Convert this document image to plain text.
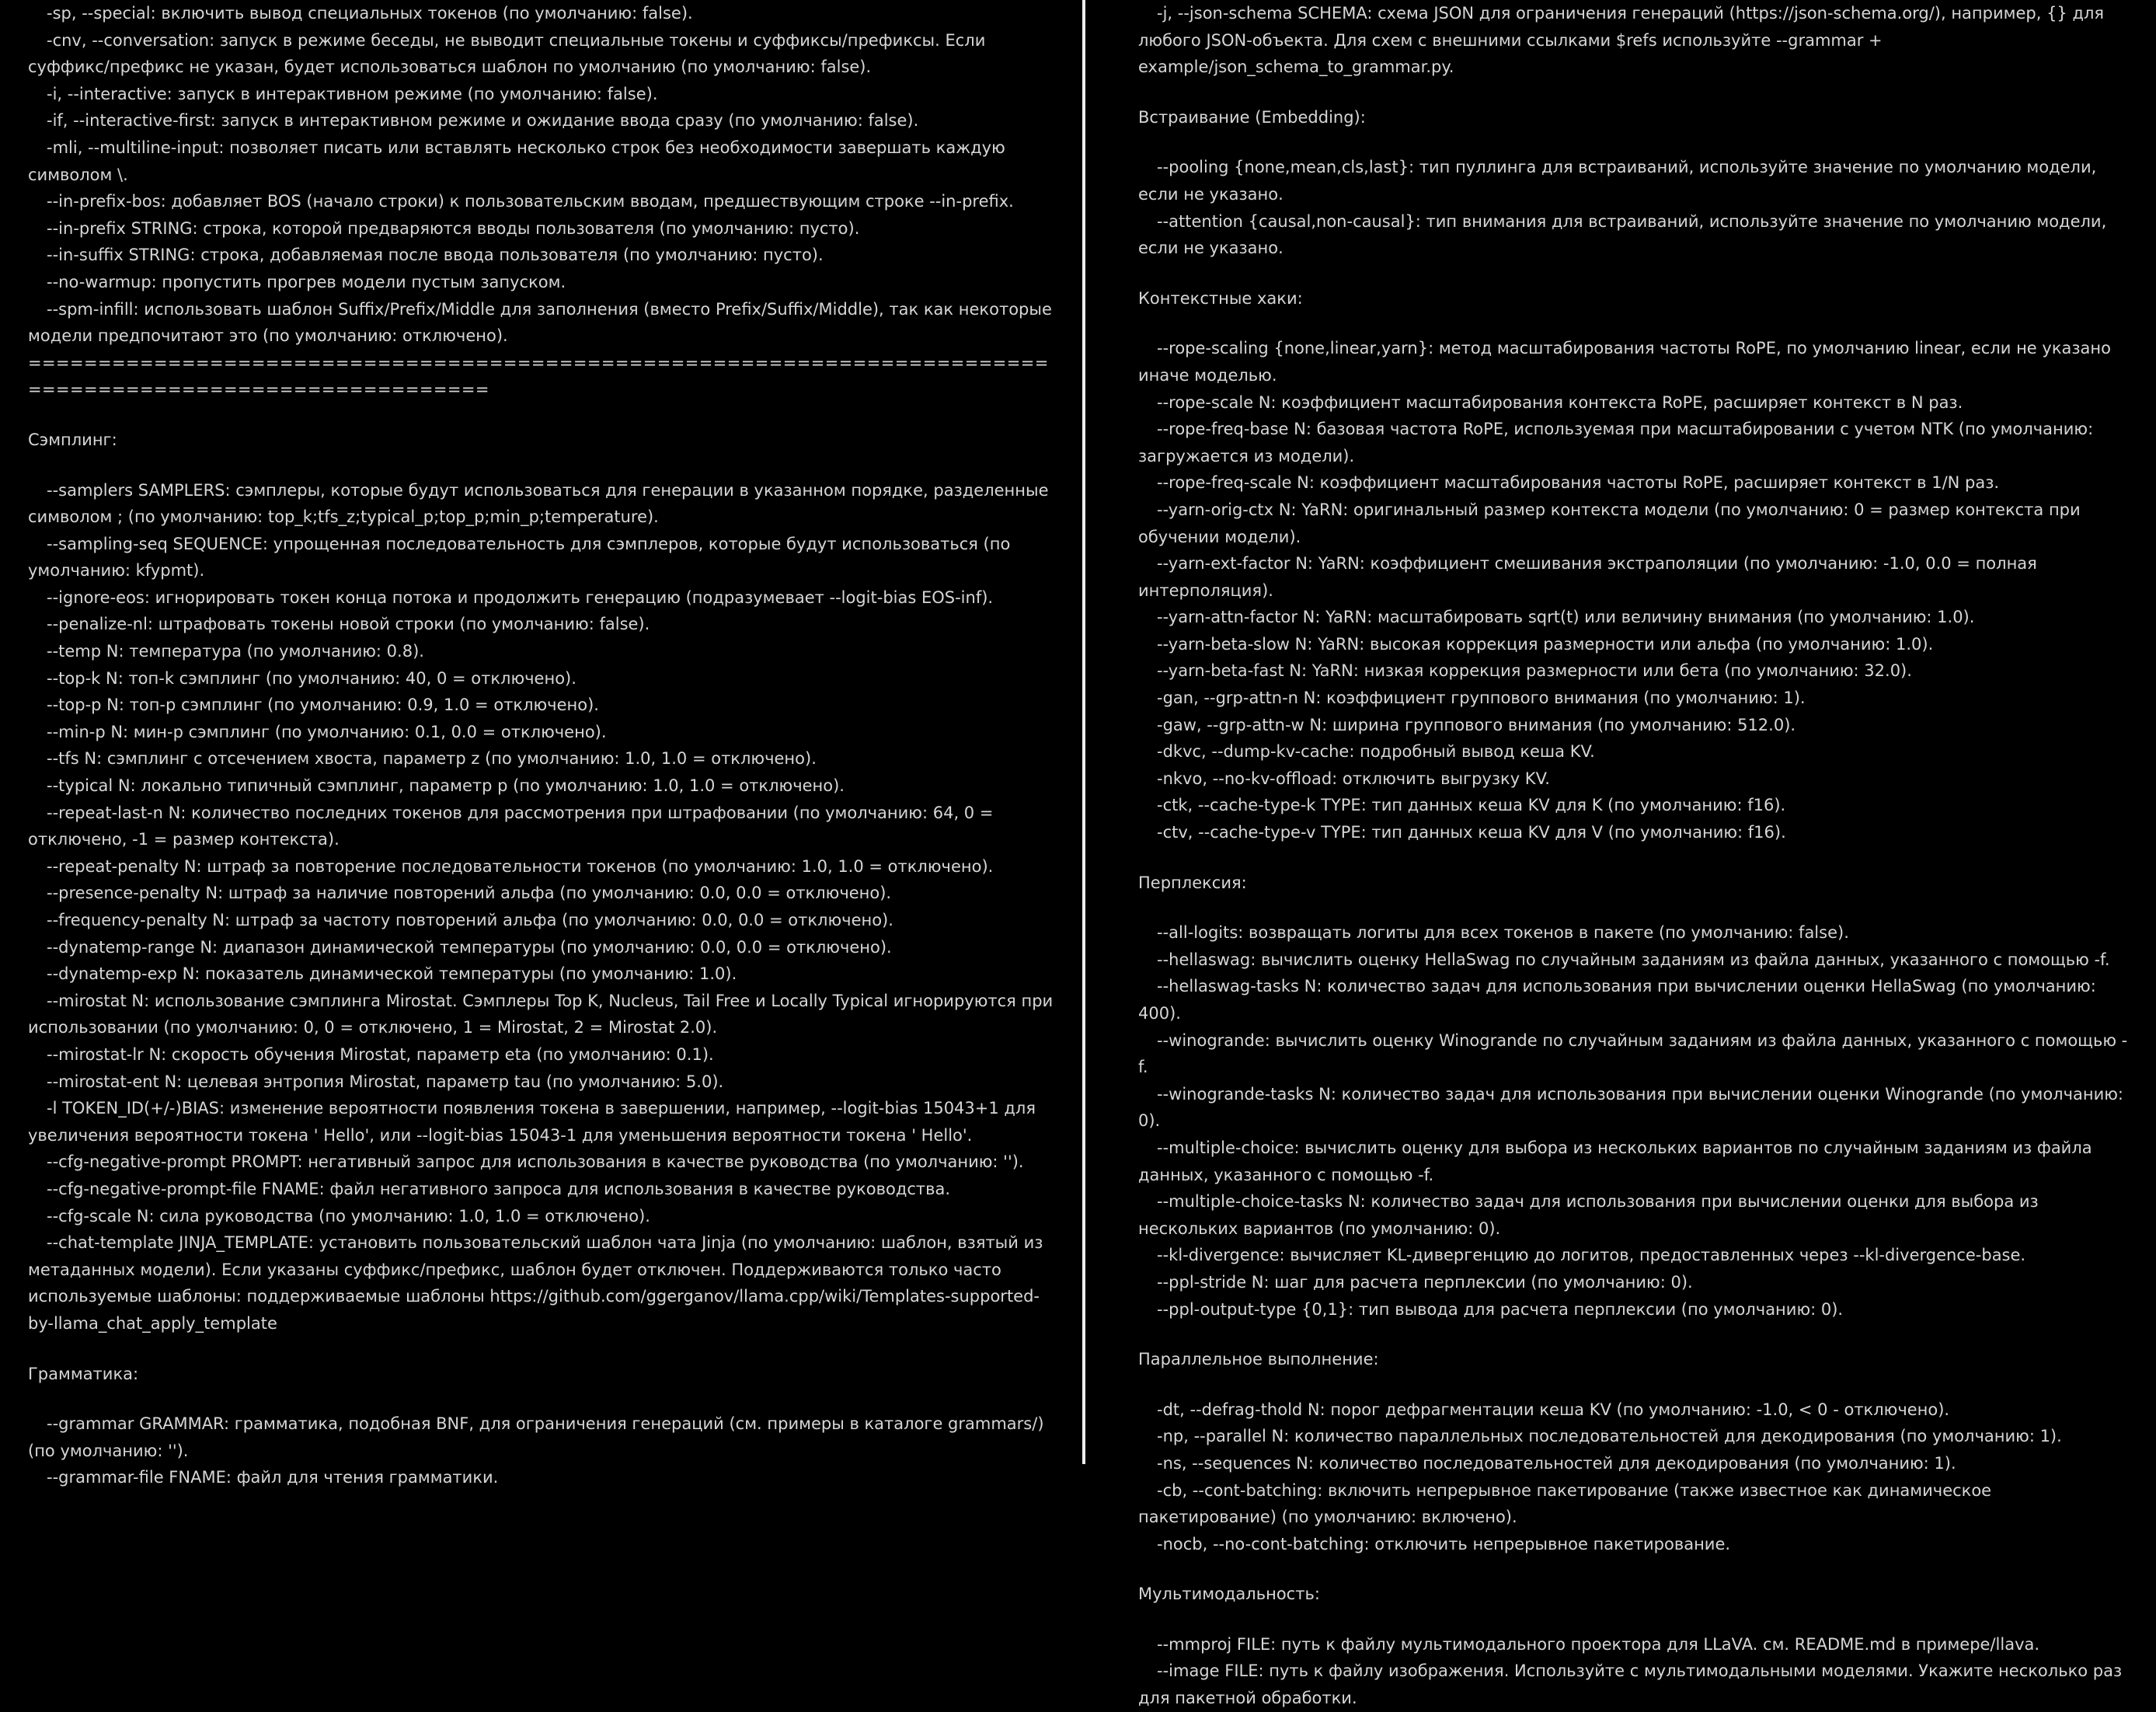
-sp, --special: включить вывод специальных токенов (по умолчанию: false).
-cnv, --conversation: запуск в режиме беседы, не выводит специальные токены и суффиксы/префиксы. Если суффикс/префикс не указан, будет использоваться шаблон по умолчанию (по умолчанию: false).
-i, --interactive: запуск в интерактивном режиме (по умолчанию: false).
-if, --interactive-first: запуск в интерактивном режиме и ожидание ввода сразу (по умолчанию: false).
-mli, --multiline-input: позволяет писать или вставлять несколько строк без необходимости завершать каждую символом \.
--in-prefix-bos: добавляет BOS (начало строки) к пользовательским вводам, предшествующим строке --in-prefix.
--in-prefix STRING: строка, которой предваряются вводы пользователя (по умолчанию: пусто).
--in-suffix STRING: строка, добавляемая после ввода пользователя (по умолчанию: пусто).
--no-warmup: пропустить прогрев модели пустым запуском.
--spm-infill: использовать шаблон Suffix/Prefix/Middle для заполнения (вместо Prefix/Suffix/Middle), так как некоторые модели предпочитают это (по умолчанию: отключено).
==========================================================================================================
Сэмплинг:
--samplers SAMPLERS: сэмплеры, которые будут использоваться для генерации в указанном порядке, разделенные символом ; (по умолчанию: top_k;tfs_z;typical_p;top_p;min_p;temperature).
--sampling-seq SEQUENCE: упрощенная последовательность для сэмплеров, которые будут использоваться (по умолчанию: kfypmt).
--ignore-eos: игнорировать токен конца потока и продолжить генерацию (подразумевает --logit-bias EOS-inf).
--penalize-nl: штрафовать токены новой строки (по умолчанию: false).
--temp N: температура (по умолчанию: 0.8).
--top-k N: топ-k сэмплинг (по умолчанию: 40, 0 = отключено).
--top-p N: топ-p сэмплинг (по умолчанию: 0.9, 1.0 = отключено).
--min-p N: мин-p сэмплинг (по умолчанию: 0.1, 0.0 = отключено).
--tfs N: сэмплинг с отсечением хвоста, параметр z (по умолчанию: 1.0, 1.0 = отключено).
--typical N: локально типичный сэмплинг, параметр p (по умолчанию: 1.0, 1.0 = отключено).
--repeat-last-n N: количество последних токенов для рассмотрения при штрафовании (по умолчанию: 64, 0 = отключено, -1 = размер контекста).
--repeat-penalty N: штраф за повторение последовательности токенов (по умолчанию: 1.0, 1.0 = отключено).
--presence-penalty N: штраф за наличие повторений альфа (по умолчанию: 0.0, 0.0 = отключено).
--frequency-penalty N: штраф за частоту повторений альфа (по умолчанию: 0.0, 0.0 = отключено).
--dynatemp-range N: диапазон динамической температуры (по умолчанию: 0.0, 0.0 = отключено).
--dynatemp-exp N: показатель динамической температуры (по умолчанию: 1.0).
--mirostat N: использование сэмплинга Mirostat. Сэмплеры Top K, Nucleus, Tail Free и Locally Typical игнорируются при использовании (по умолчанию: 0, 0 = отключено, 1 = Mirostat, 2 = Mirostat 2.0).
--mirostat-lr N: скорость обучения Mirostat, параметр eta (по умолчанию: 0.1).
--mirostat-ent N: целевая энтропия Mirostat, параметр tau (по умолчанию: 5.0).
-l TOKEN_ID(+/-)BIAS: изменение вероятности появления токена в завершении, например, --logit-bias 15043+1 для увеличения вероятности токена ' Hello', или --logit-bias 15043-1 для уменьшения вероятности токена ' Hello'.
--cfg-negative-prompt PROMPT: негативный запрос для использования в качестве руководства (по умолчанию: '').
--cfg-negative-prompt-file FNAME: файл негативного запроса для использования в качестве руководства.
--cfg-scale N: сила руководства (по умолчанию: 1.0, 1.0 = отключено).
--chat-template JINJA_TEMPLATE: установить пользовательский шаблон чата Jinja (по умолчанию: шаблон, взятый из метаданных модели). Если указаны суффикс/префикс, шаблон будет отключен. Поддерживаются только часто используемые шаблоны: поддерживаемые шаблоны https://github.com/ggerganov/llama.cpp/wiki/Templates-supported-by-llama_chat_apply_template
Грамматика:
--grammar GRAMMAR: грамматика, подобная BNF, для ограничения генераций (см. примеры в каталоге grammars/) (по умолчанию: '').
--grammar-file FNAME: файл для чтения грамматики.
-j, --json-schema SCHEMA: схема JSON для ограничения генераций (https://json-schema.org/), например, {} для любого JSON-объекта. Для схем с внешними ссылками $refs используйте --grammar + example/json_schema_to_grammar.py.
Встраивание (Embedding):
--pooling {none,mean,cls,last}: тип пуллинга для встраиваний, используйте значение по умолчанию модели, если не указано.
--attention {causal,non-causal}: тип внимания для встраиваний, используйте значение по умолчанию модели, если не указано.
Контекстные хаки:
--rope-scaling {none,linear,yarn}: метод масштабирования частоты RoPE, по умолчанию linear, если не указано иначе моделью.
--rope-scale N: коэффициент масштабирования контекста RoPE, расширяет контекст в N раз.
--rope-freq-base N: базовая частота RoPE, используемая при масштабировании с учетом NTK (по умолчанию: загружается из модели).
--rope-freq-scale N: коэффициент масштабирования частоты RoPE, расширяет контекст в 1/N раз.
--yarn-orig-ctx N: YaRN: оригинальный размер контекста модели (по умолчанию: 0 = размер контекста при обучении модели).
--yarn-ext-factor N: YaRN: коэффициент смешивания экстраполяции (по умолчанию: -1.0, 0.0 = полная интерполяция).
--yarn-attn-factor N: YaRN: масштабировать sqrt(t) или величину внимания (по умолчанию: 1.0).
--yarn-beta-slow N: YaRN: высокая коррекция размерности или альфа (по умолчанию: 1.0).
--yarn-beta-fast N: YaRN: низкая коррекция размерности или бета (по умолчанию: 32.0).
-gan, --grp-attn-n N: коэффициент группового внимания (по умолчанию: 1).
-gaw, --grp-attn-w N: ширина группового внимания (по умолчанию: 512.0).
-dkvc, --dump-kv-cache: подробный вывод кеша KV.
-nkvo, --no-kv-offload: отключить выгрузку KV.
-ctk, --cache-type-k TYPE: тип данных кеша KV для K (по умолчанию: f16).
-ctv, --cache-type-v TYPE: тип данных кеша KV для V (по умолчанию: f16).
Перплексия:
--all-logits: возвращать логиты для всех токенов в пакете (по умолчанию: false).
--hellaswag: вычислить оценку HellaSwag по случайным заданиям из файла данных, указанного с помощью -f.
--hellaswag-tasks N: количество задач для использования при вычислении оценки HellaSwag (по умолчанию: 400).
--winogrande: вычислить оценку Winogrande по случайным заданиям из файла данных, указанного с помощью -f.
--winogrande-tasks N: количество задач для использования при вычислении оценки Winogrande (по умолчанию: 0).
--multiple-choice: вычислить оценку для выбора из нескольких вариантов по случайным заданиям из файла данных, указанного с помощью -f.
--multiple-choice-tasks N: количество задач для использования при вычислении оценки для выбора из нескольких вариантов (по умолчанию: 0).
--kl-divergence: вычисляет KL-дивергенцию до логитов, предоставленных через --kl-divergence-base.
--ppl-stride N: шаг для расчета перплексии (по умолчанию: 0).
--ppl-output-type {0,1}: тип вывода для расчета перплексии (по умолчанию: 0).
Параллельное выполнение:
-dt, --defrag-thold N: порог дефрагментации кеша KV (по умолчанию: -1.0, < 0 - отключено).
-np, --parallel N: количество параллельных последовательностей для декодирования (по умолчанию: 1).
-ns, --sequences N: количество последовательностей для декодирования (по умолчанию: 1).
-cb, --cont-batching: включить непрерывное пакетирование (также известное как динамическое пакетирование) (по умолчанию: включено).
-nocb, --no-cont-batching: отключить непрерывное пакетирование.
Мультимодальность:
--mmproj FILE: путь к файлу мультимодального проектора для LLaVA. см. README.md в примере/llava.
--image FILE: путь к файлу изображения. Используйте с мультимодальными моделями. Укажите несколько раз для пакетной обработки.
